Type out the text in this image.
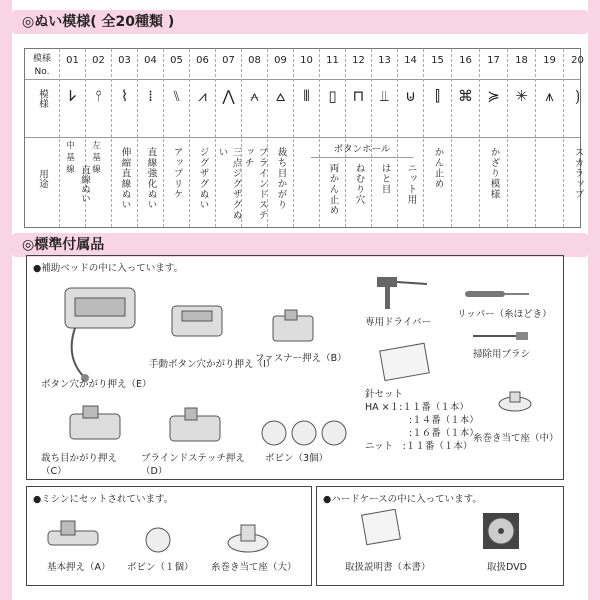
◎ぬい模様( 全20種類 )
模様No.
模様
用途
01
𐌋
中基線
02
⫯
左基線
03
⌇
伸縮直線ぬい
04
⁞
直線強化ぬい
05
⑊
アップリケ
06
⩘
ジグザグぬい
07
⋀
三点ジグザグぬい
08
⩜
ブラインドステッチ
09
⩟
裁ち目かがり
10
⫴
11
▯
両かん止め
12
⊓
ねむり穴
13
⫫
はと目
14
⊍
ニット用
15
⫿
かん止め
16
⌘
17
≽
かざり模様
18
✳
19
⩚
20
⟯
スカラップ
直線ぬい
ボタンホール
◎標準付属品
●補助ベッドの中に入っています。
ボタン穴かがり押え（E）
手動ボタン穴かがり押え（I）
ファスナー押え（B）
専用ドライバー
リッパー（糸ほどき）
掃除用ブラシ
裁ち目かがり押え（C）
ブラインドステッチ押え（D）
ボビン（3個）
針セット
HA ×１:１１番（１本）
:１４番（１本）
:１６番（１本）
ニット　:１１番（１本）
糸巻き当て座（中）
●ミシンにセットされています。
基本押え（A） ボビン（１個） 糸巻き当て座（大）
●ハードケースの中に入っています。
取扱説明書（本書）	取扱DVD
